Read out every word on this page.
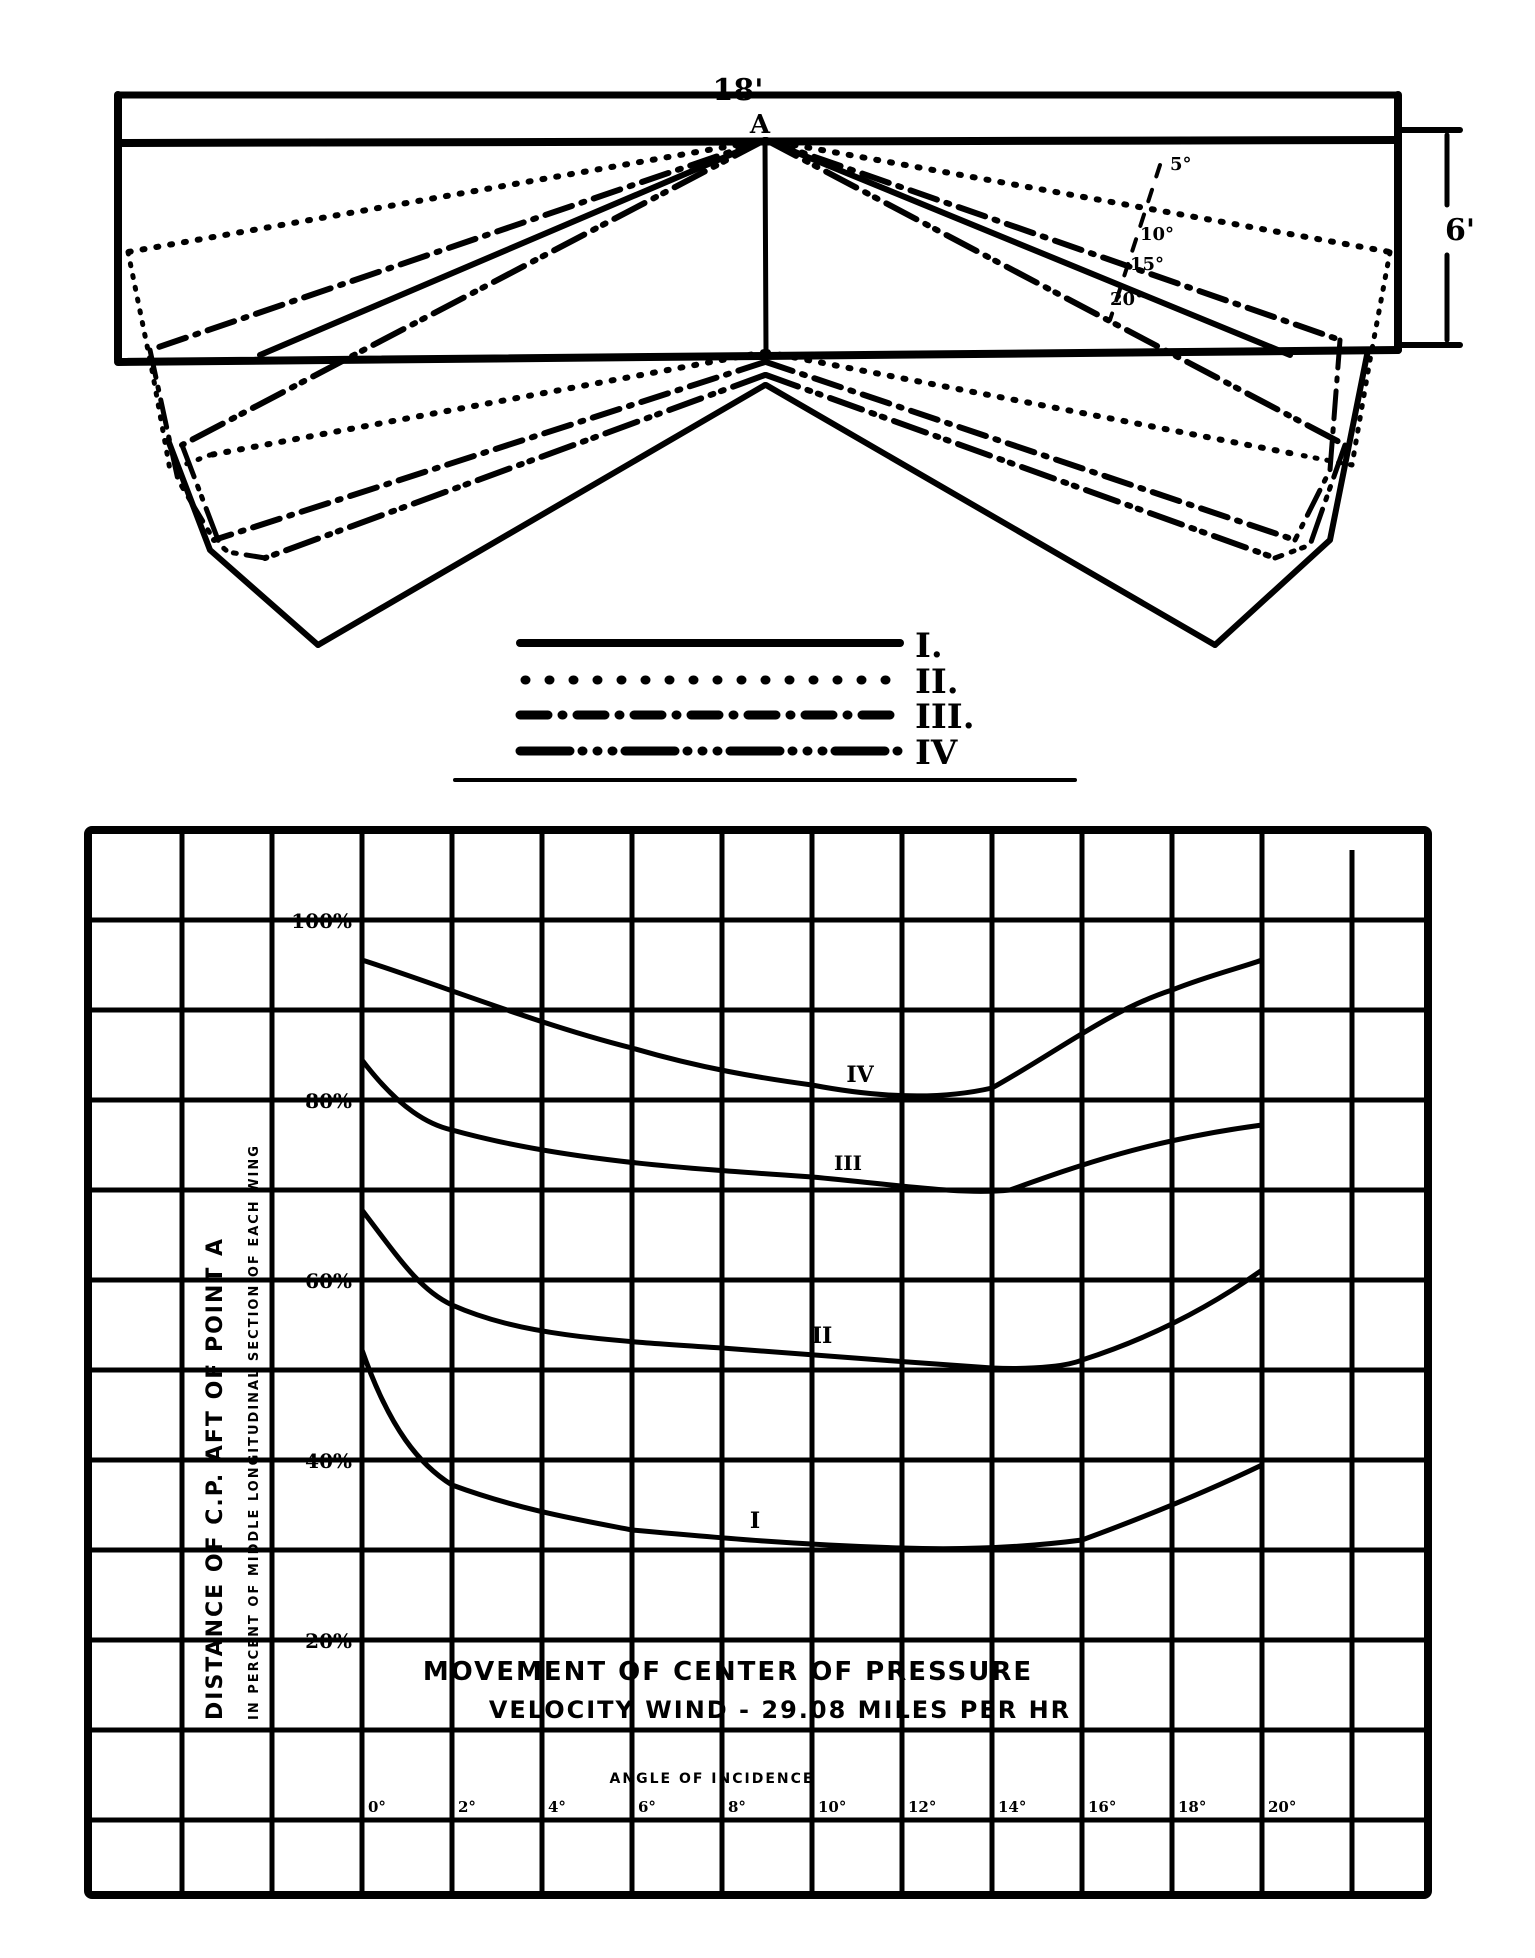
18'
A
6'
5°
10°
15°
20°
I.
II.
III.
IV
100%
80%
60%
40%
20%
DISTANCE OF C.P. AFT OF POINT A IN PERCENT OF MIDDLE LONGITUDINAL SECTION OF EACH WING
0°	2°	4°	6°	8°	10°	12°	14°	16°	18°	20°
MOVEMENT OF CENTER OF PRESSURE
VELOCITY WIND - 29.08 MILES PER HR
ANGLE OF INCIDENCE
I
II
III
IV
